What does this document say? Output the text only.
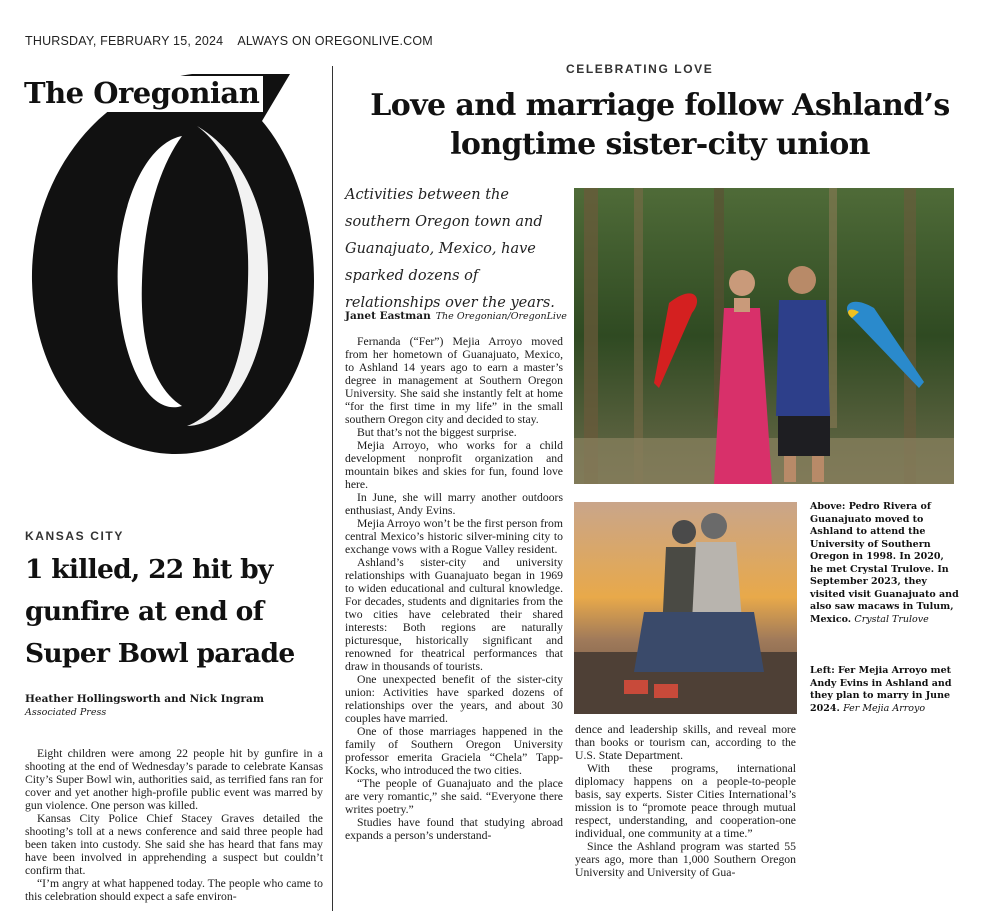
THURSDAY, FEBRUARY 15, 2024 ALWAYS ON OREGONLIVE.COM
The Oregonian
CELEBRATING LOVE
Love and marriage follow Ashland’s
longtime sister-city union
Activities between the southern Oregon town and Guanajuato, Mexico, have sparked dozens of relationships over the years.
Janet Eastman The Oregonian/OregonLive

Fernanda (“Fer”) Mejia Arroyo moved from her hometown of Guanajuato, Mexico, to Ashland 14 years ago to earn a master’s degree in management at Southern Oregon University. She said she instantly felt at home “for the first time in my life” in the small southern Oregon city and decided to stay.

But that’s not the biggest surprise.

Mejia Arroyo, who works for a child development nonprofit organization and mountain bikes and skies for fun, found love here.

In June, she will marry another outdoors enthusiast, Andy Evins.

Mejia Arroyo won’t be the first person from central Mexico’s historic silver-mining city to exchange vows with a Rogue Valley resident.

Ashland’s sister-city and university relationships with Guanajuato began in 1969 to widen educational and cultural knowledge. For decades, students and dignitaries from the two cities have celebrated their shared interests: Both regions are naturally picturesque, historically significant and renowned for theatrical performances that draw in thousands of tourists.

One unexpected benefit of the sister-city union: Activities have sparked dozens of relationships over the years, and about 30 couples have married.

One of those marriages happened in the family of Southern Oregon University professor emerita Graciela “Chela” Tapp-Kocks, who introduced the two cities.

“The people of Guanajuato and the place are very romantic,” she said. “Everyone there writes poetry.”

Studies have found that studying abroad expands a person’s understand-

Above: Pedro Rivera of Guanajuato moved to Ashland to attend the University of Southern Oregon in 1998. In 2020, he met Crystal Trulove. In September 2023, they visited visit Guanajuato and also saw macaws in Tulum, Mexico. Crystal Trulove
Left: Fer Mejia Arroyo met Andy Evins in Ashland and they plan to marry in June 2024. Fer Mejia Arroyo

dence and leadership skills, and reveal more than books or tourism can, according to the U.S. State Department.

With these programs, international diplomacy happens on a people-to-people basis, say experts. Sister Cities International’s mission is to “promote peace through mutual respect, understanding, and cooperation-one individual, one community at a time.”

Since the Ashland program was started 55 years ago, more than 1,000 Southern Oregon University and University of Gua-

KANSAS CITY
1 killed, 22 hit by gunfire at end of Super Bowl parade
Heather Hollingsworth and Nick Ingram
Associated Press

Eight children were among 22 people hit by gunfire in a shooting at the end of Wednesday’s parade to celebrate Kansas City’s Super Bowl win, authorities said, as terrified fans ran for cover and yet another high-profile public event was marred by gun violence. One person was killed.

Kansas City Police Chief Stacey Graves detailed the shooting’s toll at a news conference and said three people had been taken into custody. She said she has heard that fans may have been involved in apprehending a suspect but couldn’t confirm that.

“I’m angry at what happened today. The people who came to this celebration should expect a safe environ-
